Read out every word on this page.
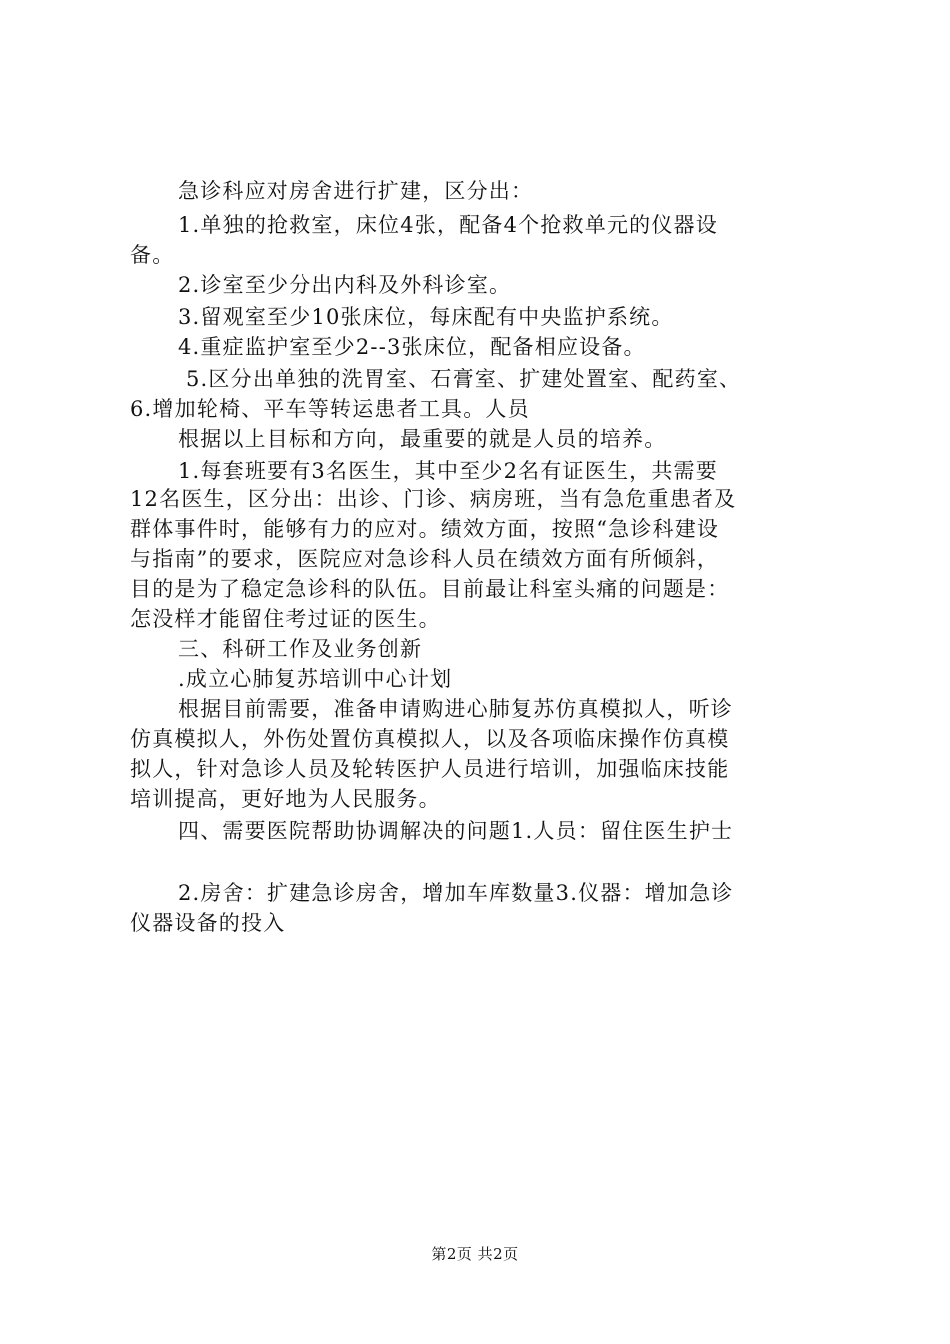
急诊科应对房舍进行扩建，区分出：
1.单独的抢救室，床位4张，配备4个抢救单元的仪器设
备。
2.诊室至少分出内科及外科诊室。
3.留观室至少10张床位，每床配有中央监护系统。
4.重症监护室至少2--3张床位，配备相应设备。
5.区分出单独的洗胃室、石膏室、扩建处置室、配药室、
6.增加轮椅、平车等转运患者工具。人员
根据以上目标和方向，最重要的就是人员的培养。
1.每套班要有3名医生，其中至少2名有证医生，共需要
12名医生，区分出：出诊、门诊、病房班，当有急危重患者及
群体事件时，能够有力的应对。绩效方面，按照“急诊科建设
与指南”的要求，医院应对急诊科人员在绩效方面有所倾斜，
目的是为了稳定急诊科的队伍。目前最让科室头痛的问题是：
怎没样才能留住考过证的医生。
三、科研工作及业务创新
.成立心肺复苏培训中心计划
根据目前需要，准备申请购进心肺复苏仿真模拟人，听诊
仿真模拟人，外伤处置仿真模拟人，以及各项临床操作仿真模
拟人，针对急诊人员及轮转医护人员进行培训，加强临床技能
培训提高，更好地为人民服务。
四、需要医院帮助协调解决的问题1.人员：留住医生护士
2.房舍：扩建急诊房舍，增加车库数量3.仪器：增加急诊
仪器设备的投入
第2页 共2页
